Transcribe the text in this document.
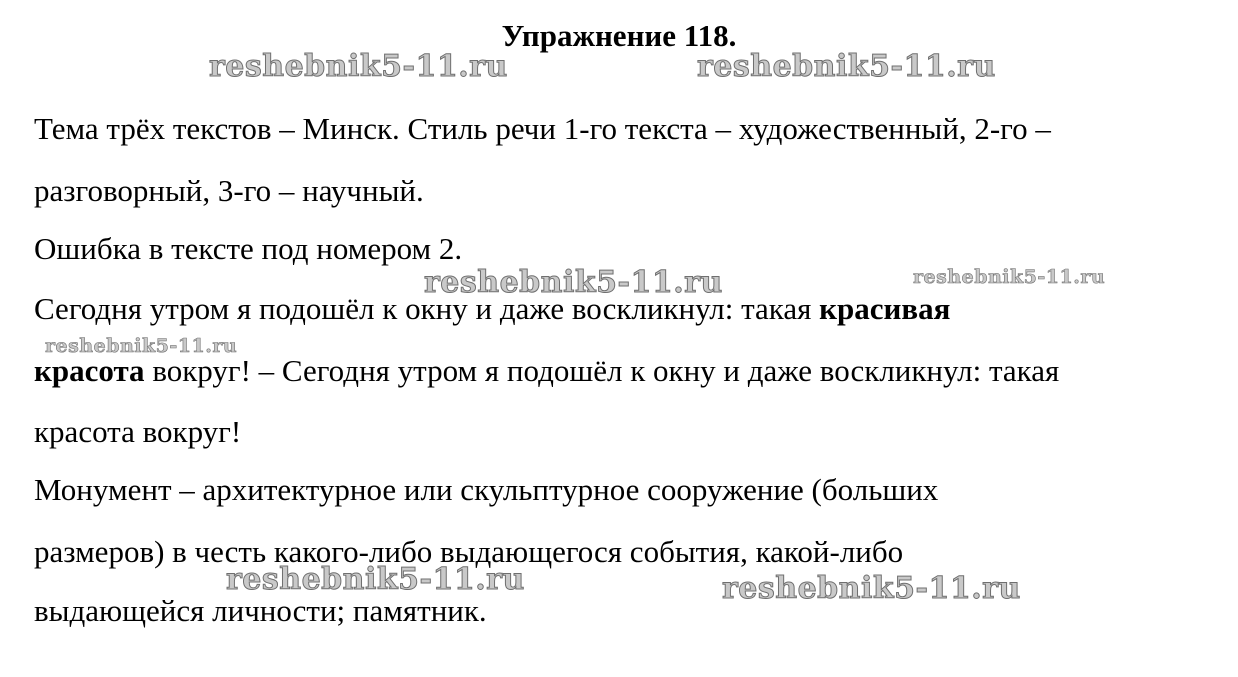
Упражнение 118.
reshebnik5-11.ru	reshebnik5-11.ru
Тема трёх текстов – Минск. Стиль речи 1-го текста – художественный, 2-го –
разговорный, 3-го – научный.
Ошибка в тексте под номером 2.
reshebnik5-11.ru	reshebnik5-11.ru
Сегодня утром я подошёл к окну и даже воскликнул: такая красивая
reshebnik5-11.ru
красота вокруг! – Сегодня утром я подошёл к окну и даже воскликнул: такая
красота вокруг!
Монумент – архитектурное или скульптурное сооружение (больших
размеров) в честь какого-либо выдающегося события, какой-либо
reshebnik5-11.ru	reshebnik5-11.ru
выдающейся личности; памятник.
